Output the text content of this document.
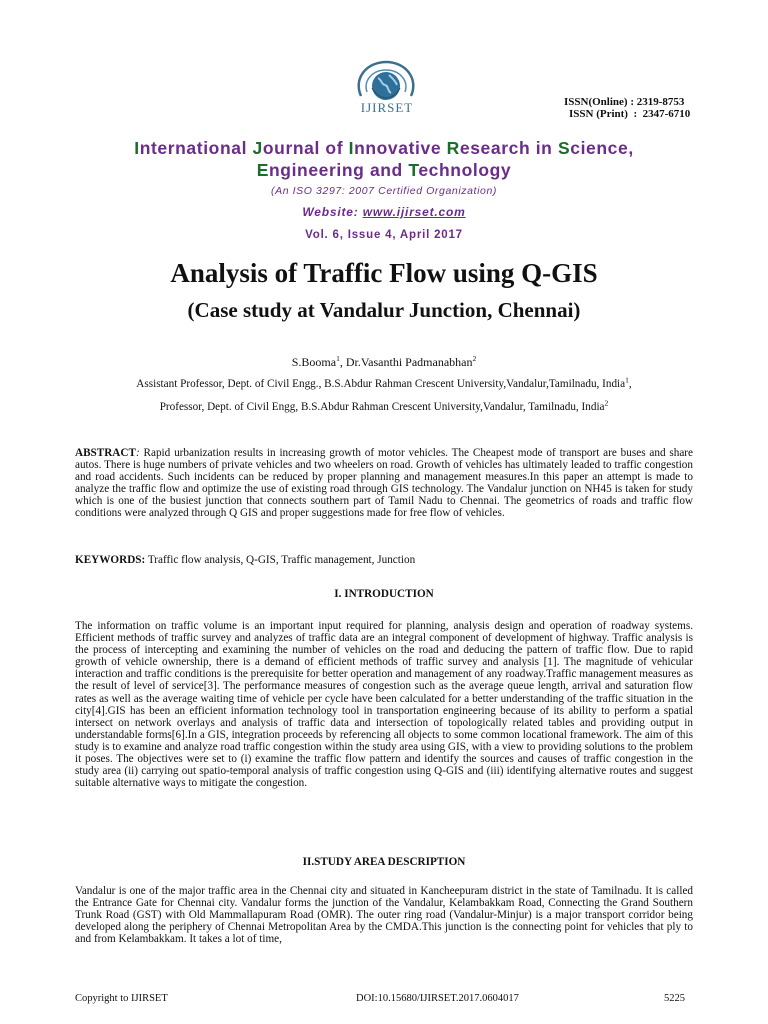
IJIRSET	ISSN(Online) : 2319-8753
ISSN (Print)  :  2347-6710
International Journal of Innovative Research in Science,
Engineering and Technology
(An ISO 3297: 2007 Certified Organization)
Website: www.ijirset.com
Vol. 6, Issue 4, April 2017
Analysis of Traffic Flow using Q-GIS
(Case study at Vandalur Junction, Chennai)
S.Booma$^1$, Dr.Vasanthi Padmanabhan$^2$
Assistant Professor, Dept. of Civil Engg., B.S.Abdur Rahman Crescent University,Vandalur,Tamilnadu, India$^1$,
Professor, Dept. of Civil Engg, B.S.Abdur Rahman Crescent University,Vandalur, Tamilnadu, India$^2$
ABSTRACT: Rapid urbanization results in increasing growth of motor vehicles. The Cheapest mode of transport are buses and share autos. There is huge numbers of private vehicles and two wheelers on road. Growth of vehicles has ultimately leaded to traffic congestion and road accidents. Such incidents can be reduced by proper planning and management measures.In this paper an attempt is made to analyze the traffic flow and optimize the use of existing road through GIS technology. The Vandalur junction on NH45 is taken for study which is one of the busiest junction that connects southern part of Tamil Nadu to Chennai. The geometrics of roads and traffic flow conditions were analyzed through Q GIS and proper suggestions made for free flow of vehicles.
KEYWORDS: Traffic flow analysis, Q-GIS, Traffic management, Junction
I. INTRODUCTION
The information on traffic volume is an important input required for planning, analysis design and operation of roadway systems. Efficient methods of traffic survey and analyzes of traffic data are an integral component of development of highway. Traffic analysis is the process of intercepting and examining the number of vehicles on the road and deducing the pattern of traffic flow. Due to rapid growth of vehicle ownership, there is a demand of efficient methods of traffic survey and analysis [1]. The magnitude of vehicular interaction and traffic conditions is the prerequisite for better operation and management of any roadway.Traffic management measures as the result of level of service[3]. The performance measures of congestion such as the average queue length, arrival and saturation flow rates as well as the average waiting time of vehicle per cycle have been calculated for a better understanding of the traffic situation in the city[4].GIS has been an efficient information technology tool in transportation engineering because of its ability to perform a spatial intersect on network overlays and analysis of traffic data and intersection of topologically related tables and providing output in understandable forms[6].In a GIS, integration proceeds by referencing all objects to some common locational framework. The aim of this study is to examine and analyze road traffic congestion within the study area using GIS, with a view to providing solutions to the problem it poses. The objectives were set to (i) examine the traffic flow pattern and identify the sources and causes of traffic congestion in the study area (ii) carrying out spatio-temporal analysis of traffic congestion using Q-GIS and (iii) identifying alternative routes and suggest suitable alternative ways to mitigate the congestion.
II.STUDY AREA DESCRIPTION
Vandalur is one of the major traffic area in the Chennai city and situated in Kancheepuram district in the state of Tamilnadu. It is called the Entrance Gate for Chennai city. Vandalur forms the junction of the Vandalur, Kelambakkam Road, Connecting the Grand Southern Trunk Road (GST) with Old Mammallapuram Road (OMR). The outer ring road (Vandalur-Minjur) is a major transport corridor being developed along the periphery of Chennai Metropolitan Area by the CMDA.This junction is the connecting point for vehicles that ply to and from Kelambakkam. It takes a lot of time,
Copyright to IJIRSET	DOI:10.15680/IJIRSET.2017.0604017	5225
